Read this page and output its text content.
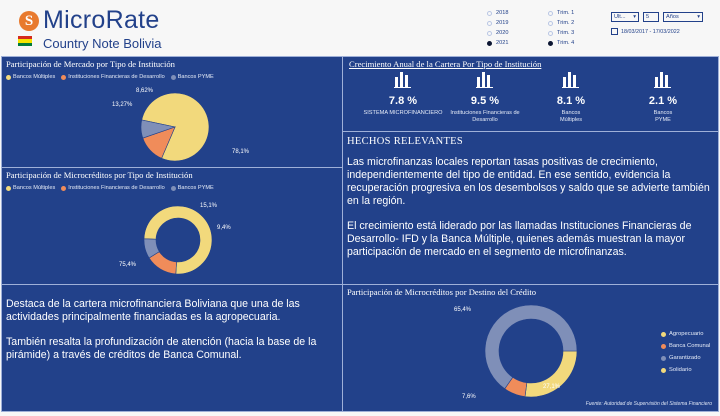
S MicroRate
Country Note Bolivia
2018
2019
2020
2021
Trim. 1
Trim. 2
Trim. 3
Trim. 4
Ult... ▾ 5	Años	▾
18/03/2017 - 17/03/2022
Participación de Mercado por Tipo de Institución
Bancos Múltiples Instituciones Financieras de Desarrollo Bancos PYME
8,62%
13,27%
78,1%
Participación de Microcréditos por Tipo de Institución
Bancos Múltiples Instituciones Financieras de Desarrollo Bancos PYME
15,1%
9,4%
75,4%
Destaca de la cartera microfinanciera Boliviana que una de las actividades principalmente financiadas es la agropecuaria.
También resalta la profundización de atención (hacia la base de la pirámide) a través de créditos de Banca Comunal.
Crecimiento Anual de la Cartera Por Tipo de Institución
7.8 %
SISTEMA MICROFINANCIERO
9.5 %
Instituciones Financieras de Desarrollo
8.1 %
Bancos Múltiples
2.1 %
Bancos PYME
HECHOS RELEVANTES
Las microfinanzas locales reportan tasas positivas de crecimiento, independientemente del tipo de entidad. En ese sentido, evidencia la recuperación progresiva en los desembolsos y saldo que se advierte también en la región.
El crecimiento está liderado por las llamadas Instituciones Financieras de Desarrollo- IFD y la Banca Múltiple, quienes además muestran la mayor participación de mercado en el segmento de microfinanzas.
Participación de Microcréditos por Destino del Crédito
65,4%
27,1%
7,6%
Agropecuario
Banca Comunal
Garantizado
Solidario
Fuente: Autoridad de Supervisión del Sistema Financiero
